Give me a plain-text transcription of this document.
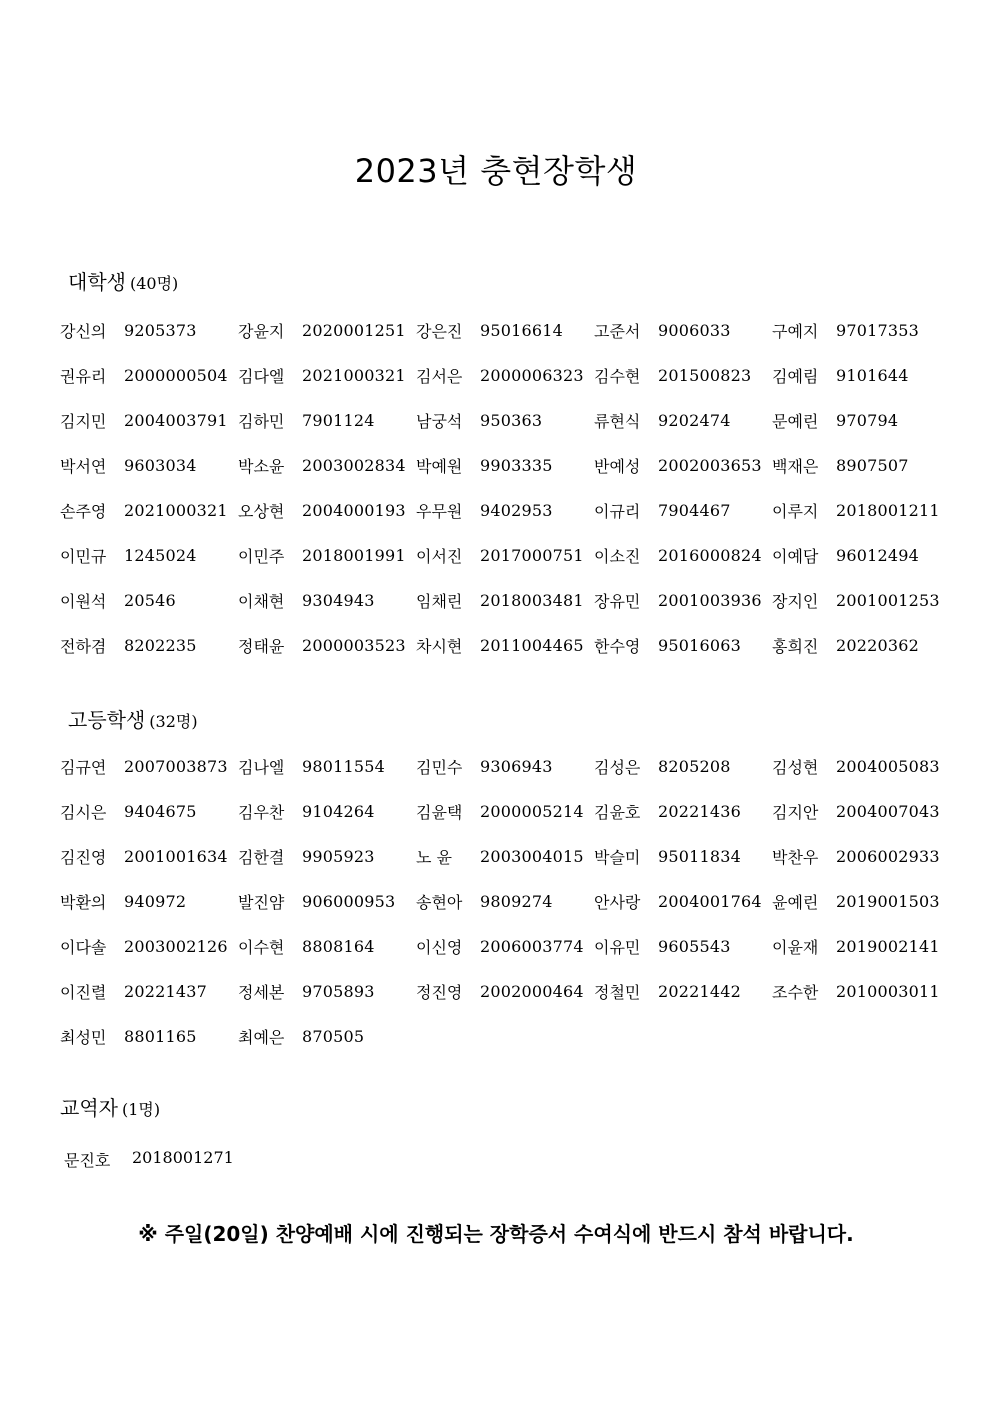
2023년 충현장학생
대학생 (40명)
강신의	9205373	강윤지	2020001251 강은진	95016614 고준서	9006033	구예지	97017353
권유리	2000000504 김다엘	2021000321 김서은	2000006323 김수현	201500823 김예림	9101644
김지민	2004003791 김하민	7901124	남궁석	950363	류현식	9202474	문예린	970794
박서연	9603034	박소윤	2003002834 박예원	9903335	반예성	2002003653 백재은	8907507
손주영	2021000321 오상현	2004000193 우무원	9402953	이규리	7904467	이루지	2018001211
이민규	1245024	이민주	2018001991 이서진	2017000751 이소진	2016000824 이예담	96012494
이원석	20546	이채현	9304943	임채린	2018003481 장유민	2001003936 장지인	2001001253
전하겸	8202235	정태윤	2000003523 차시현	2011004465 한수영	95016063 홍희진	20220362
고등학생 (32명)
김규연	2007003873 김나엘	98011554 김민수	9306943	김성은	8205208	김성현	2004005083
김시은	9404675	김우찬	9104264	김윤택	2000005214 김윤호	20221436 김지안	2004007043
김진영	2001001634 김한결	9905923	노 윤	2003004015 박슬미	95011834 박찬우	2006002933
박환의	940972	발진얌	906000953 송현아	9809274	안사랑	2004001764 윤예린	2019001503
이다솔	2003002126 이수현	8808164	이신영	2006003774 이유민	9605543	이윤재	2019002141
이진렬	20221437 정세본	9705893	정진영	2002000464 정철민	20221442 조수한	2010003011
최성민	8801165	최예은	870505
교역자 (1명)
문진호	2018001271
※ 주일(20일) 찬양예배 시에 진행되는 장학증서 수여식에 반드시 참석 바랍니다.
